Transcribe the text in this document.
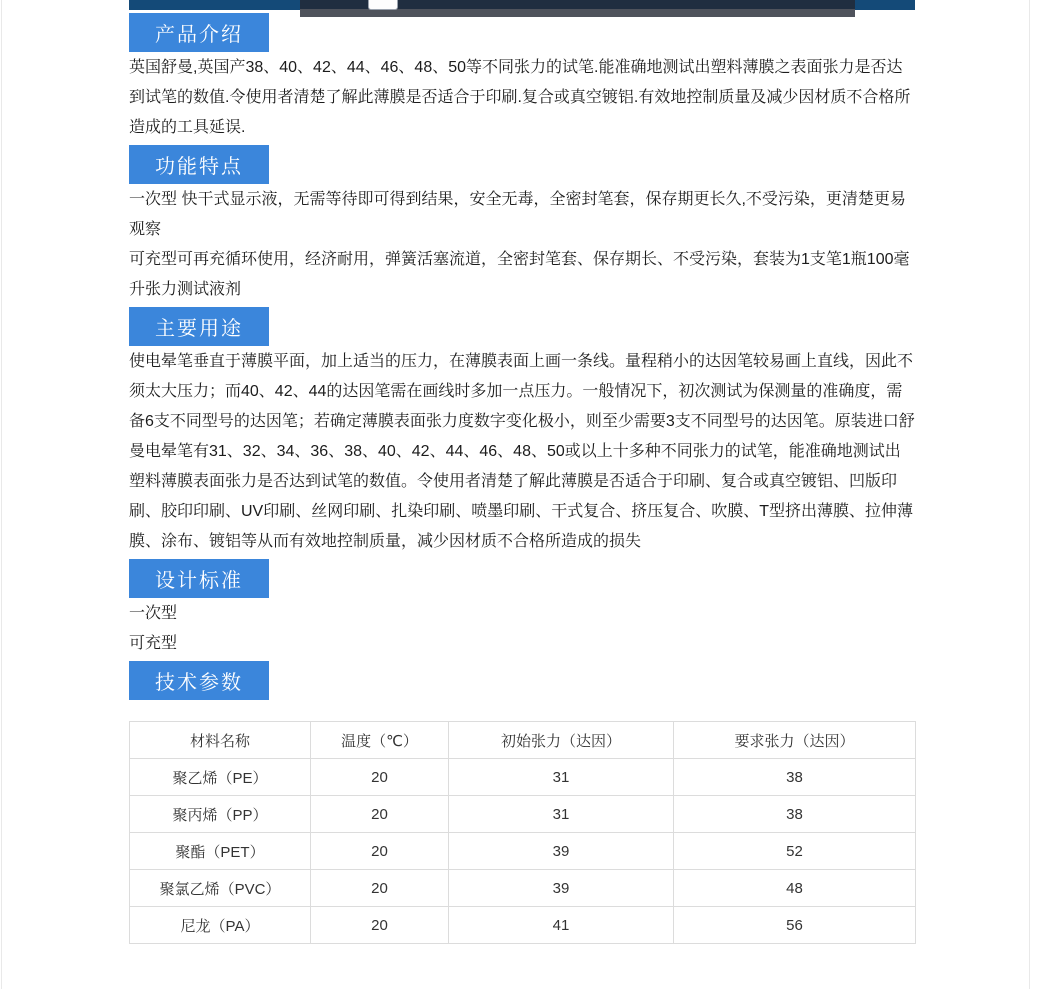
产品介绍

英国舒曼,英国产38、40、42、44、46、48、50等不同张力的试笔.能准确地测试出塑料薄膜之表面张力是否达到试笔的数值.令使用者清楚了解此薄膜是否适合于印刷.复合或真空镀铝.有效地控制质量及减少因材质不合格所造成的工具延误.

功能特点

一次型 快干式显示液，无需等待即可得到结果，安全无毒，全密封笔套，保存期更长久,不受污染，更清楚更易观察

可充型可再充循环使用，经济耐用，弹簧活塞流道，全密封笔套、保存期长、不受污染，套装为1支笔1瓶100毫升张力测试液剂

主要用途

使电晕笔垂直于薄膜平面，加上适当的压力，在薄膜表面上画一条线。量程稍小的达因笔较易画上直线，因此不须太大压力；而40、42、44的达因笔需在画线时多加一点压力。一般情况下，初次测试为保测量的准确度，需备6支不同型号的达因笔；若确定薄膜表面张力度数字变化极小，则至少需要3支不同型号的达因笔。原装进口舒曼电晕笔有31、32、34、36、38、40、42、44、46、48、50或以上十多种不同张力的试笔，能准确地测试出塑料薄膜表面张力是否达到试笔的数值。令使用者清楚了解此薄膜是否适合于印刷、复合或真空镀铝、凹版印刷、胶印印刷、UV印刷、丝网印刷、扎染印刷、喷墨印刷、干式复合、挤压复合、吹膜、T型挤出薄膜、拉伸薄膜、涂布、镀铝等从而有效地控制质量，减少因材质不合格所造成的损失

设计标准

一次型

可充型

技术参数
材料名称	温度（℃）	初始张力（达因）	要求张力（达因）
聚乙烯（PE）	20	31	38
聚丙烯（PP）	20	31	38
聚酯（PET）	20	39	52
聚氯乙烯（PVC）	20	39	48
尼龙（PA）	20	41	56
